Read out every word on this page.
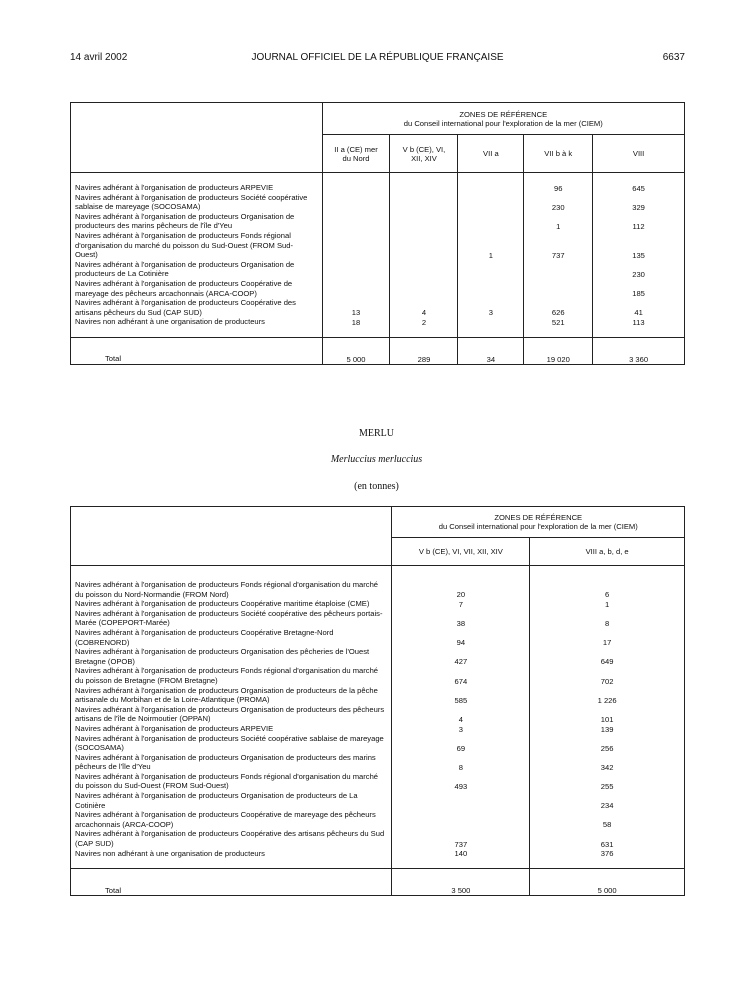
14 avril 2002	JOURNAL OFFICIEL DE LA RÉPUBLIQUE FRANÇAISE	6637

	ZONES DE RÉFÉRENCE
du Conseil international pour l'exploration de la mer (CIEM)				

	II a (CE) mer du Nord	V b (CE), VI, XII, XIV	VII a	VII b à k	VIII

Navires adhérant à l'organisation de producteurs ARPEVIE				96	645
Navires adhérant à l'organisation de producteurs Société coopérative sablaise de mareyage (SOCOSAMA)				230	329
Navires adhérant à l'organisation de producteurs Organisation de producteurs des marins pêcheurs de l'île d'Yeu				1	112
Navires adhérant à l'organisation de producteurs Fonds régional d'organisation du marché du poisson du Sud-Ouest (FROM Sud-Ouest)			1	737	135
Navires adhérant à l'organisation de producteurs Organisation de producteurs de La Cotinière					230
Navires adhérant à l'organisation de producteurs Coopérative de mareyage des pêcheurs arcachonnais (ARCA-COOP)					185
Navires adhérant à l'organisation de producteurs Coopérative des artisans pêcheurs du Sud (CAP SUD)	13	4	3	626	41
Navires non adhérant à une organisation de producteurs	18	2		521	113

Total	5 000	289	34	19 020	3 360
MERLU
Merluccius merluccius
(en tonnes)

	ZONES DE RÉFÉRENCE
du Conseil international pour l'exploration de la mer (CIEM)	

	V b (CE), VI, VII, XII, XIV	VIII a, b, d, e

Navires adhérant à l'organisation de producteurs Fonds régional d'organisation du marché du poisson du Nord-Normandie (FROM Nord)	20	6
Navires adhérant à l'organisation de producteurs Coopérative maritime étaploise (CME)	7	1
Navires adhérant à l'organisation de producteurs Société coopérative des pêcheurs portais-Marée (COPEPORT-Marée)	38	8
Navires adhérant à l'organisation de producteurs Coopérative Bretagne-Nord (COBRENORD)	94	17
Navires adhérant à l'organisation de producteurs Organisation des pêcheries de l'Ouest Bretagne (OPOB)	427	649
Navires adhérant à l'organisation de producteurs Fonds régional d'organisation du marché du poisson de Bretagne (FROM Bretagne)	674	702
Navires adhérant à l'organisation de producteurs Organisation de producteurs de la pêche artisanale du Morbihan et de la Loire-Atlantique (PROMA)	585	1 226
Navires adhérant à l'organisation de producteurs Organisation de producteurs des pêcheurs artisans de l'île de Noirmoutier (OPPAN)	4	101
Navires adhérant à l'organisation de producteurs ARPEVIE	3	139
Navires adhérant à l'organisation de producteurs Société coopérative sablaise de mareyage (SOCOSAMA)	69	256
Navires adhérant à l'organisation de producteurs Organisation de producteurs des marins pêcheurs de l'île d'Yeu	8	342
Navires adhérant à l'organisation de producteurs Fonds régional d'organisation du marché du poisson du Sud-Ouest (FROM Sud-Ouest)	493	255
Navires adhérant à l'organisation de producteurs Organisation de producteurs de La Cotinière		234
Navires adhérant à l'organisation de producteurs Coopérative de mareyage des pêcheurs arcachonnais (ARCA-COOP)		58
Navires adhérant à l'organisation de producteurs Coopérative des artisans pêcheurs du Sud (CAP SUD)	737	631
Navires non adhérant à une organisation de producteurs	140	376

Total	3 500	5 000
